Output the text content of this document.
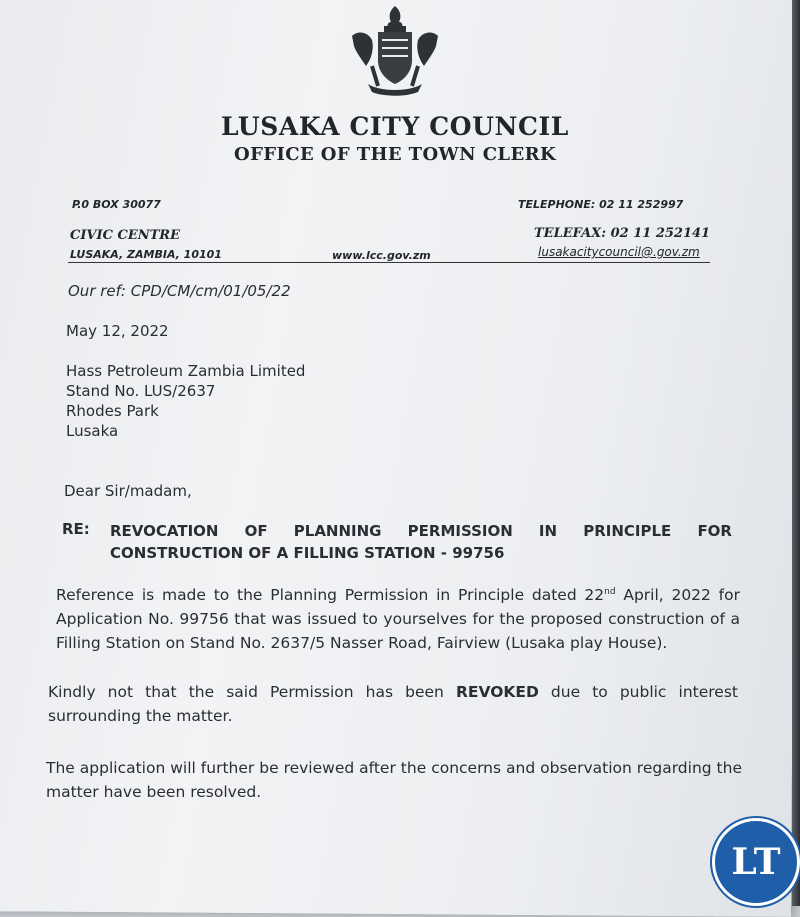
LUSAKA CITY COUNCIL
OFFICE OF THE TOWN CLERK
P.0 BOX 30077	TELEPHONE: 02 11 252997
CIVIC CENTRE	TELEFAX: 02 11 252141
LUSAKA, ZAMBIA, 10101	www.lcc.gov.zm	lusakacitycouncil@.gov.zm
Our ref: CPD/CM/cm/01/05/22
May 12, 2022
Hass Petroleum Zambia Limited
Stand No. LUS/2637
Rhodes Park
Lusaka
Dear Sir/madam,
RE: REVOCATION OF PLANNING PERMISSION IN PRINCIPLE FOR
CONSTRUCTION OF A FILLING STATION - 99756
Reference is made to the Planning Permission in Principle dated 22nd April, 2022 for Application No. 99756 that was issued to yourselves for the proposed construction of a Filling Station on Stand No. 2637/5 Nasser Road, Fairview (Lusaka play House).
Kindly not that the said Permission has been REVOKED due to public interest surrounding the matter.
The application will further be reviewed after the concerns and observation regarding the matter have been resolved.
LT
